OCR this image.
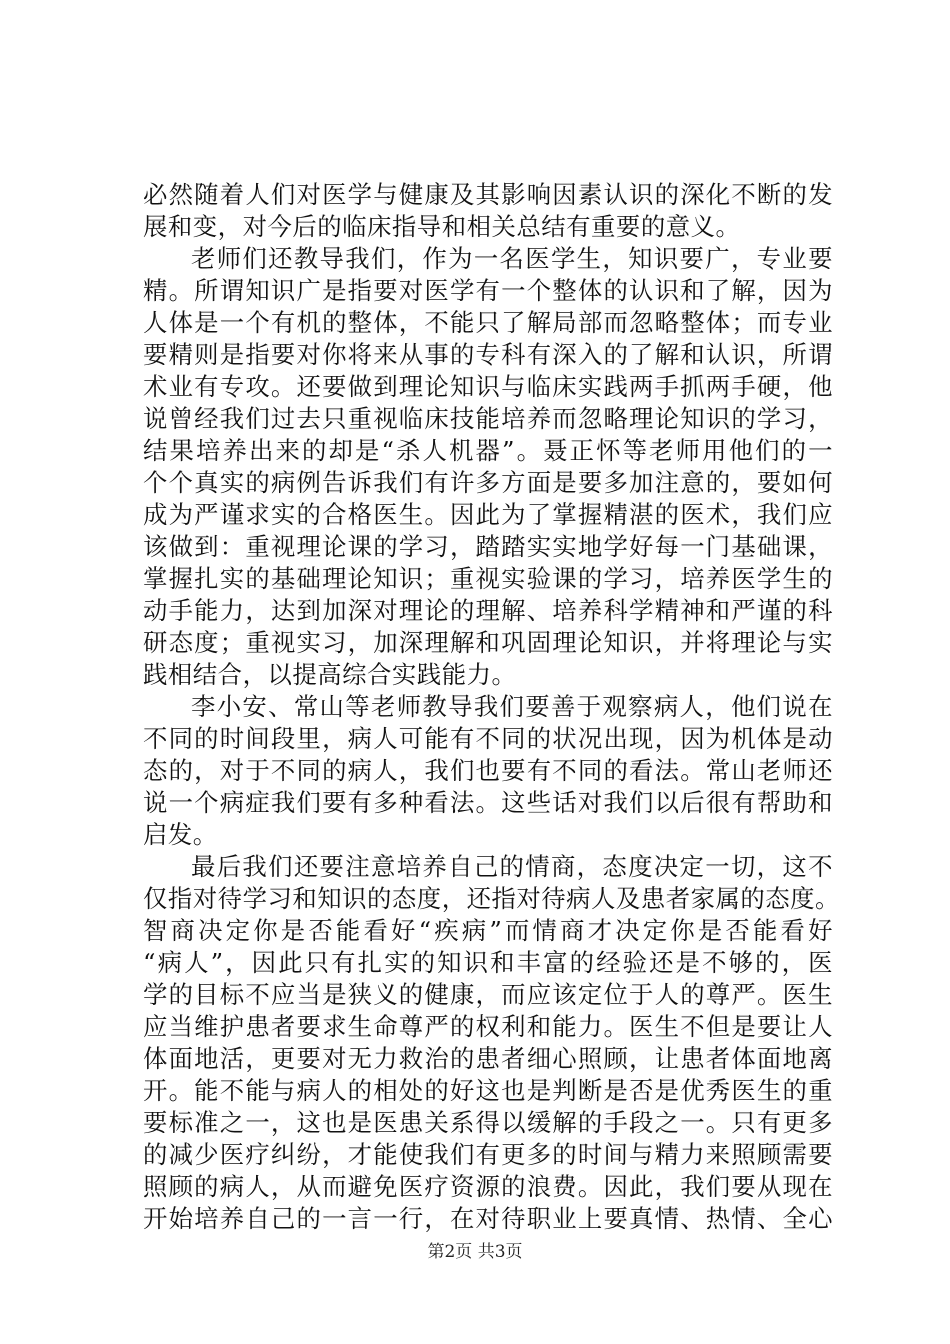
必然随着人们对医学与健康及其影响因素认识的深化不断的发
展和变，对今后的临床指导和相关总结有重要的意义。
老师们还教导我们，作为一名医学生，知识要广，专业要
精。所谓知识广是指要对医学有一个整体的认识和了解，因为
人体是一个有机的整体，不能只了解局部而忽略整体；而专业
要精则是指要对你将来从事的专科有深入的了解和认识，所谓
术业有专攻。还要做到理论知识与临床实践两手抓两手硬，他
说曾经我们过去只重视临床技能培养而忽略理论知识的学习，
结果培养出来的却是“杀人机器”。聂正怀等老师用他们的一
个个真实的病例告诉我们有许多方面是要多加注意的，要如何
成为严谨求实的合格医生。因此为了掌握精湛的医术，我们应
该做到：重视理论课的学习，踏踏实实地学好每一门基础课，
掌握扎实的基础理论知识；重视实验课的学习，培养医学生的
动手能力，达到加深对理论的理解、培养科学精神和严谨的科
研态度；重视实习，加深理解和巩固理论知识，并将理论与实
践相结合，以提高综合实践能力。
李小安、常山等老师教导我们要善于观察病人，他们说在
不同的时间段里，病人可能有不同的状况出现，因为机体是动
态的，对于不同的病人，我们也要有不同的看法。常山老师还
说一个病症我们要有多种看法。这些话对我们以后很有帮助和
启发。
最后我们还要注意培养自己的情商，态度决定一切，这不
仅指对待学习和知识的态度，还指对待病人及患者家属的态度。
智商决定你是否能看好“疾病”而情商才决定你是否能看好
“病人”，因此只有扎实的知识和丰富的经验还是不够的，医
学的目标不应当是狭义的健康，而应该定位于人的尊严。医生
应当维护患者要求生命尊严的权利和能力。医生不但是要让人
体面地活，更要对无力救治的患者细心照顾，让患者体面地离
开。能不能与病人的相处的好这也是判断是否是优秀医生的重
要标准之一，这也是医患关系得以缓解的手段之一。只有更多
的减少医疗纠纷，才能使我们有更多的时间与精力来照顾需要
照顾的病人，从而避免医疗资源的浪费。因此，我们要从现在
开始培养自己的一言一行，在对待职业上要真情、热情、全心
第2页 共3页
